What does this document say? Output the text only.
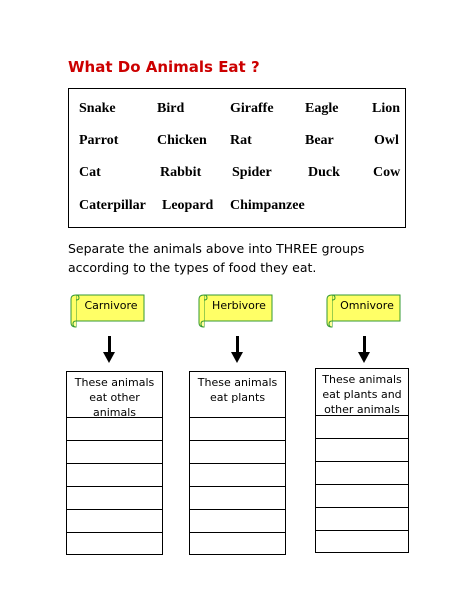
What Do Animals Eat ?
Snake	Bird	Giraffe Eagle Lion
Parrot	Chicken Rat	Bear	Owl
Cat	Rabbit Spider	Duck Cow
Caterpillar Leopard Chimpanzee
Separate the animals above into THREE groups according to the types of food they eat.
Carnivore	Herbivore	Omnivore
These animals eat other animals
These animals eat plants
These animals eat plants and other animals
